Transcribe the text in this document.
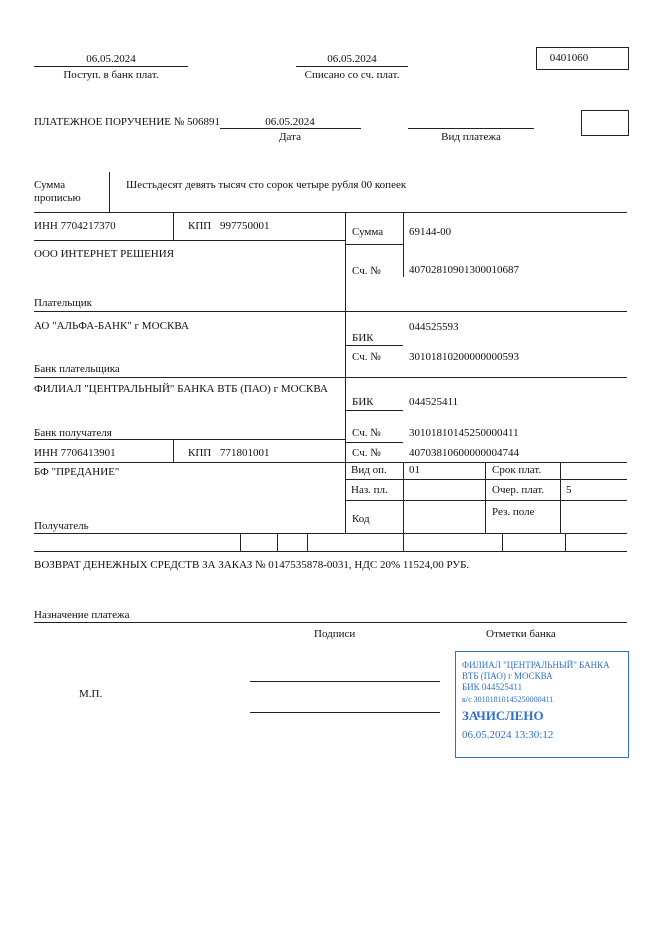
06.05.2024
Поступ. в банк плат.
06.05.2024
Списано со сч. плат.
0401060
ПЛАТЕЖНОЕ ПОРУЧЕНИЕ № 506891	06.05.2024
Дата	Вид платежа
Сумма
прописью
Шестьдесят девять тысяч сто сорок четыре рубля 00 копеек
ИНН 7704217370	КПП 997750001	Сумма 69144-00
ООО ИНТЕРНЕТ РЕШЕНИЯ
Сч. №	40702810901300010687
Плательщик
АО "АЛЬФА-БАНК" г МОСКВА	044525593
БИК
Сч. №	30101810200000000593
Банк плательщика
ФИЛИАЛ "ЦЕНТРАЛЬНЫЙ" БАНКА ВТБ (ПАО) г МОСКВА
БИК	044525411
Сч. №	30101810145250000411
Банк получателя
ИНН 7706413901	КПП 771801001	Сч. №	40703810600000004744
БФ "ПРЕДАНИЕ"	Вид оп. 01	Срок плат.
Наз. пл.	Очер. плат. 5
Рез. поле
Код
Получатель
ВОЗВРАТ ДЕНЕЖНЫХ СРЕДСТВ ЗА ЗАКАЗ № 0147535878-0031, НДС 20% 11524,00 РУБ.
Назначение платежа
Подписи	Отметки банка
М.П.
ФИЛИАЛ "ЦЕНТРАЛЬНЫЙ" БАНКА
ВТБ (ПАО) г МОСКВА
БИК 044525411
к/с 30101810145250000411
ЗАЧИСЛЕНО
06.05.2024 13:30:12
